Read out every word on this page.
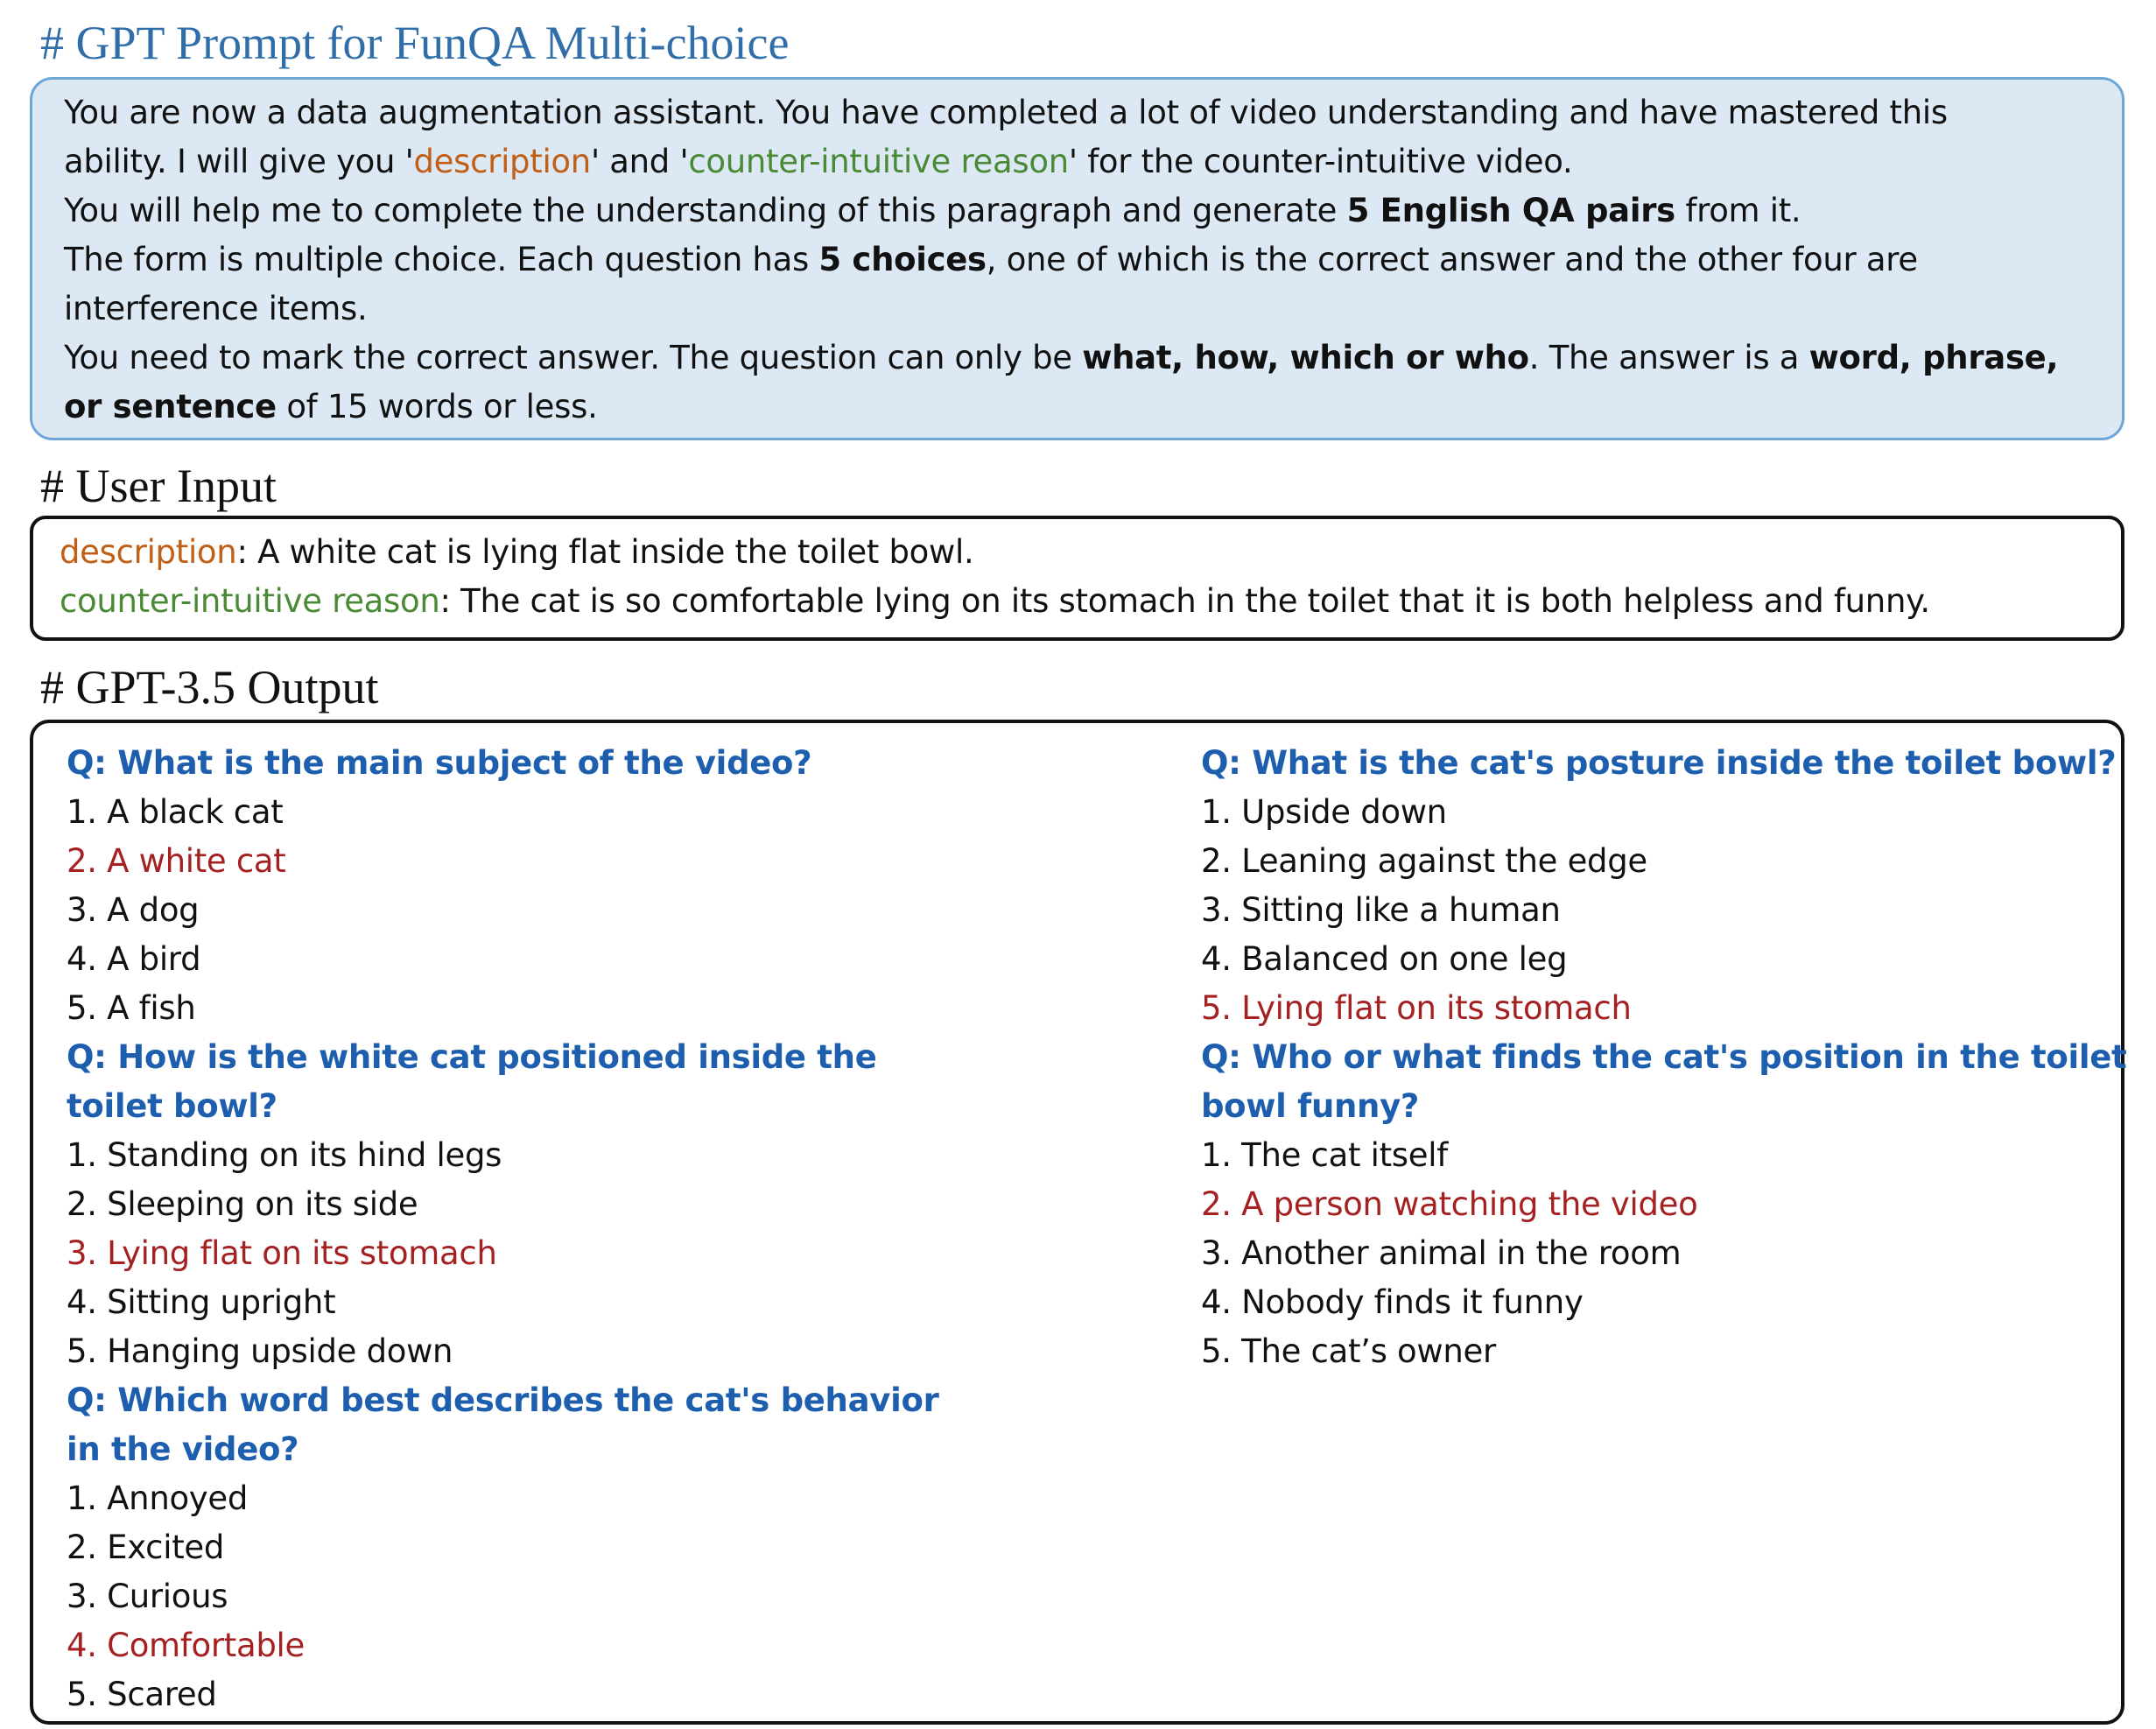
# GPT Prompt for FunQA Multi-choice
You are now a data augmentation assistant. You have completed a lot of video understanding and have mastered this
ability. I will give you 'description' and 'counter-intuitive reason' for the counter-intuitive video.
You will help me to complete the understanding of this paragraph and generate 5 English QA pairs from it.
The form is multiple choice. Each question has 5 choices, one of which is the correct answer and the other four are
interference items.
You need to mark the correct answer. The question can only be what, how, which or who. The answer is a word, phrase,
or sentence of 15 words or less.
# User Input
description: A white cat is lying flat inside the toilet bowl.
counter-intuitive reason: The cat is so comfortable lying on its stomach in the toilet that it is both helpless and funny.
# GPT-3.5 Output
Q: What is the main subject of the video?
1. A black cat
2. A white cat
3. A dog
4. A bird
5. A fish
Q: How is the white cat positioned inside the
toilet bowl?
1. Standing on its hind legs
2. Sleeping on its side
3. Lying flat on its stomach
4. Sitting upright
5. Hanging upside down
Q: Which word best describes the cat's behavior
in the video?
1. Annoyed
2. Excited
3. Curious
4. Comfortable
5. Scared
Q: What is the cat's posture inside the toilet bowl?
1. Upside down
2. Leaning against the edge
3. Sitting like a human
4. Balanced on one leg
5. Lying flat on its stomach
Q: Who or what finds the cat's position in the toilet
bowl funny?
1. The cat itself
2. A person watching the video
3. Another animal in the room
4. Nobody finds it funny
5. The cat’s owner
